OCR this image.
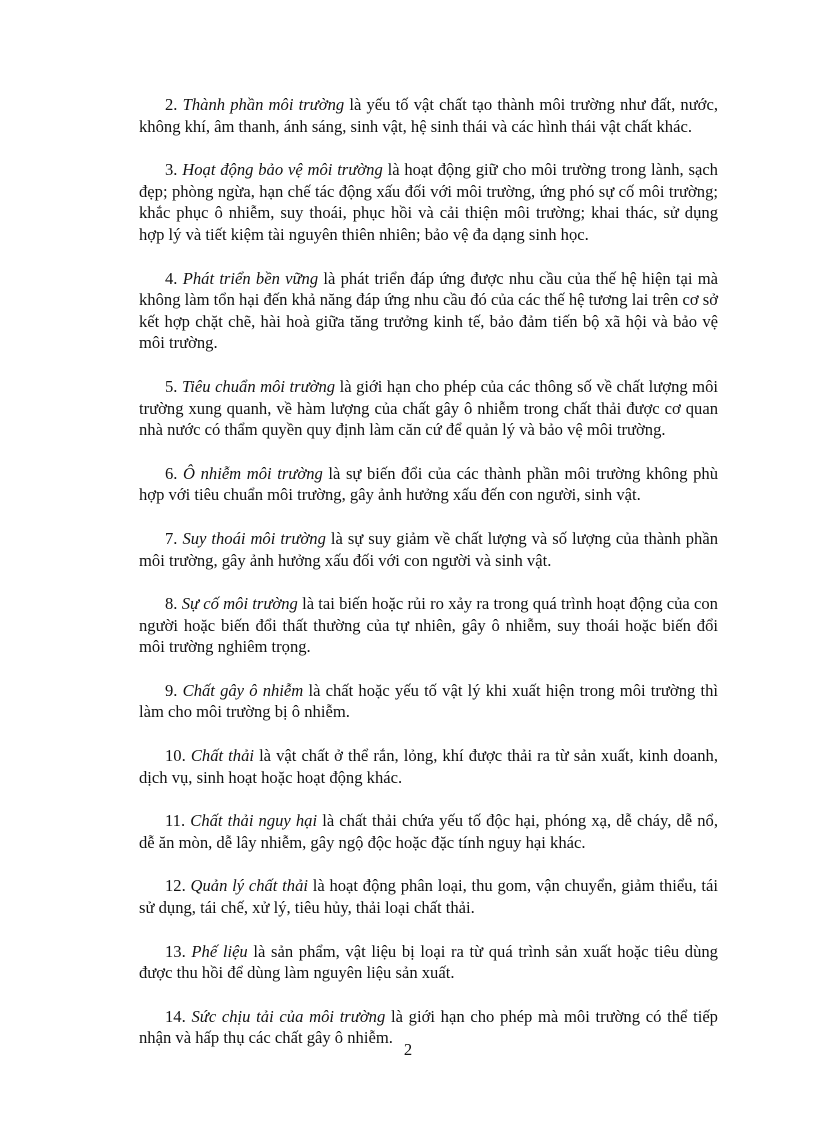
2. Thành phần môi trường là yếu tố vật chất tạo thành môi trường như đất, nước, không khí, âm thanh, ánh sáng, sinh vật, hệ sinh thái và các hình thái vật chất khác.

3. Hoạt động bảo vệ môi trường là hoạt động giữ cho môi trường trong lành, sạch đẹp; phòng ngừa, hạn chế tác động xấu đối với môi trường, ứng phó sự cố môi trường; khắc phục ô nhiễm, suy thoái, phục hồi và cải thiện môi trường; khai thác, sử dụng hợp lý và tiết kiệm tài nguyên thiên nhiên; bảo vệ đa dạng sinh học.

4. Phát triển bền vững là phát triển đáp ứng được nhu cầu của thế hệ hiện tại mà không làm tổn hại đến khả năng đáp ứng nhu cầu đó của các thế hệ tương lai trên cơ sở kết hợp chặt chẽ, hài hoà giữa tăng trưởng kinh tế, bảo đảm tiến bộ xã hội và bảo vệ môi trường.

5. Tiêu chuẩn môi trường là giới hạn cho phép của các thông số về chất lượng môi trường xung quanh, về hàm lượng của chất gây ô nhiễm trong chất thải được cơ quan nhà nước có thẩm quyền quy định làm căn cứ để quản lý và bảo vệ môi trường.

6. Ô nhiễm môi trường là sự biến đổi của các thành phần môi trường không phù hợp với tiêu chuẩn môi trường, gây ảnh hưởng xấu đến con người, sinh vật.

7. Suy thoái môi trường là sự suy giảm về chất lượng và số lượng của thành phần môi trường, gây ảnh hưởng xấu đối với con người và sinh vật.

8. Sự cố môi trường là tai biến hoặc rủi ro xảy ra trong quá trình hoạt động của con người hoặc biến đổi thất thường của tự nhiên, gây ô nhiễm, suy thoái hoặc biến đổi môi trường nghiêm trọng.

9. Chất gây ô nhiễm là chất hoặc yếu tố vật lý khi xuất hiện trong môi trường thì làm cho môi trường bị ô nhiễm.

10. Chất thải là vật chất ở thể rắn, lỏng, khí được thải ra từ sản xuất, kinh doanh, dịch vụ, sinh hoạt hoặc hoạt động khác.

11. Chất thải nguy hại là chất thải chứa yếu tố độc hại, phóng xạ, dễ cháy, dễ nổ, dễ ăn mòn, dễ lây nhiễm, gây ngộ độc hoặc đặc tính nguy hại khác.

12. Quản lý chất thải là hoạt động phân loại, thu gom, vận chuyển, giảm thiểu, tái sử dụng, tái chế, xử lý, tiêu hủy, thải loại chất thải.

13. Phế liệu là sản phẩm, vật liệu bị loại ra từ quá trình sản xuất hoặc tiêu dùng được thu hồi để dùng làm nguyên liệu sản xuất.

14. Sức chịu tải của môi trường là giới hạn cho phép mà môi trường có thể tiếp nhận và hấp thụ các chất gây ô nhiễm.

2
